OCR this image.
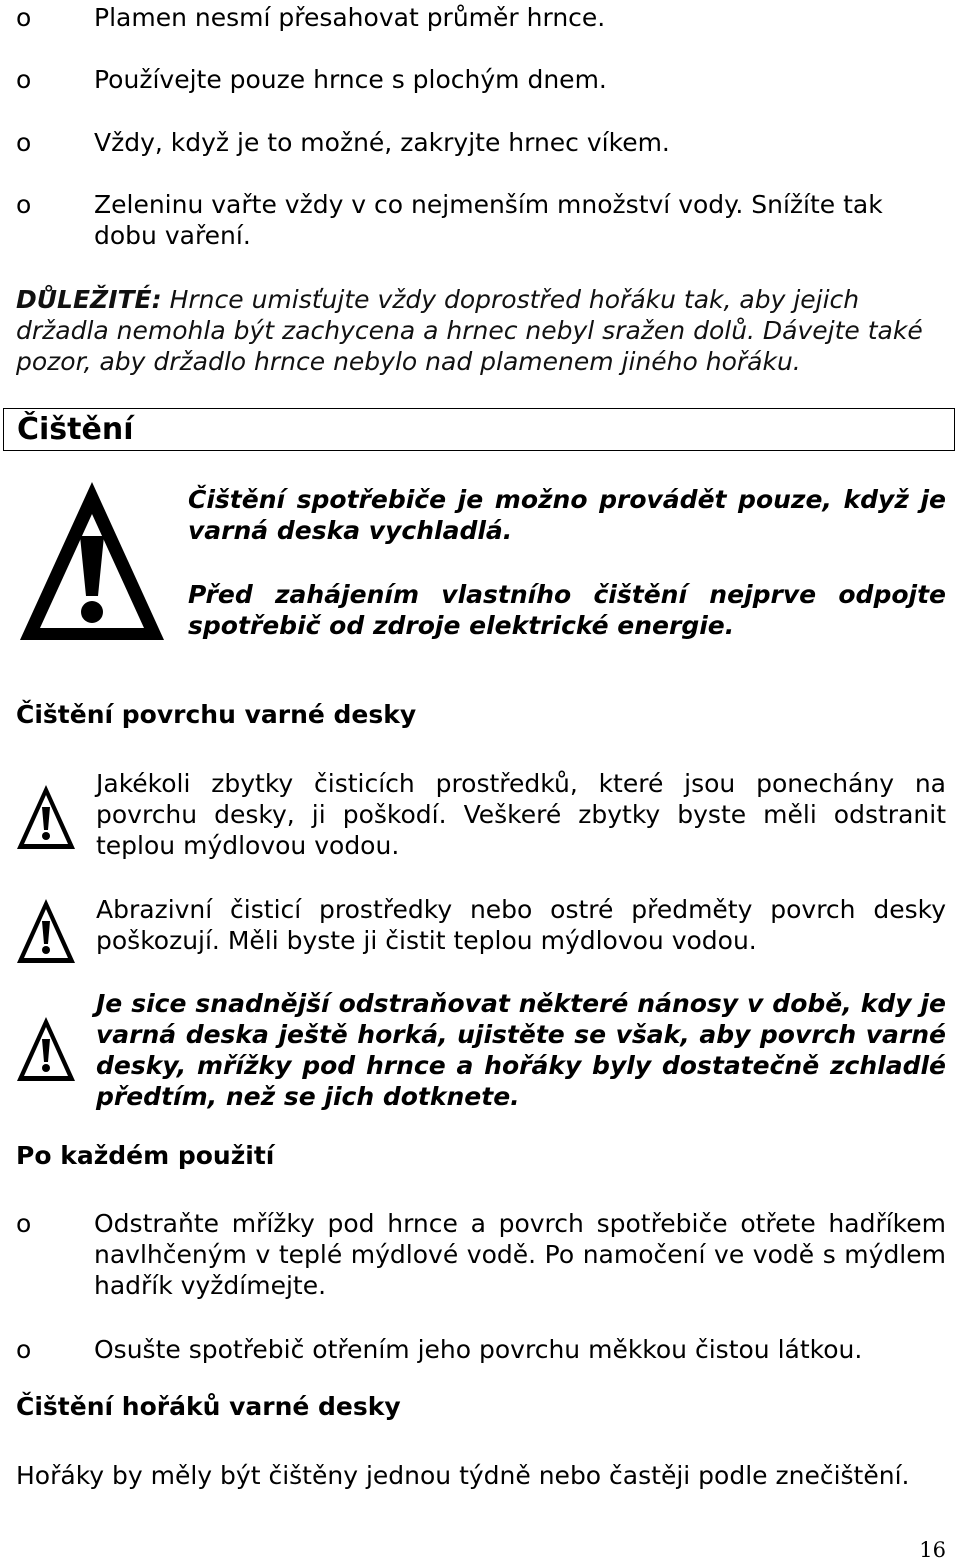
o	Plamen nesmí přesahovat průměr hrnce.
o	Používejte pouze hrnce s plochým dnem.
o	Vždy, když je to možné, zakryjte hrnec víkem.
o	Zeleninu vařte vždy v co nejmenším množství vody. Snížíte tak dobu vaření.
DŮLEŽITÉ: Hrnce umisťujte vždy doprostřed hořáku tak, aby jejich držadla nemohla být zachycena a hrnec nebyl sražen dolů. Dávejte také pozor, aby držadlo hrnce nebylo nad plamenem jiného hořáku.
Čištění
Čištění spotřebiče je možno provádět pouze, když je varná deska vychladlá.
Před zahájením vlastního čištění nejprve odpojte spotřebič od zdroje elektrické energie.
Čištění povrchu varné desky
Jakékoli zbytky čisticích prostředků, které jsou ponechány na povrchu desky, ji poškodí. Veškeré zbytky byste měli odstranit teplou mýdlovou vodou.
Abrazivní čisticí prostředky nebo ostré předměty povrch desky poškozují. Měli byste ji čistit teplou mýdlovou vodou.
Je sice snadnější odstraňovat některé nánosy v době, kdy je varná deska ještě horká, ujistěte se však, aby povrch varné desky, mřížky pod hrnce a hořáky byly dostatečně zchladlé předtím, než se jich dotknete.
Po každém použití
o	Odstraňte mřížky pod hrnce a povrch spotřebiče otřete hadříkem navlhčeným v teplé mýdlové vodě. Po namočení ve vodě s mýdlem hadřík vyždímejte.
o	Osušte spotřebič otřením jeho povrchu měkkou čistou látkou.
Čištění hořáků varné desky
Hořáky by měly být čištěny jednou týdně nebo častěji podle znečištění.
16
